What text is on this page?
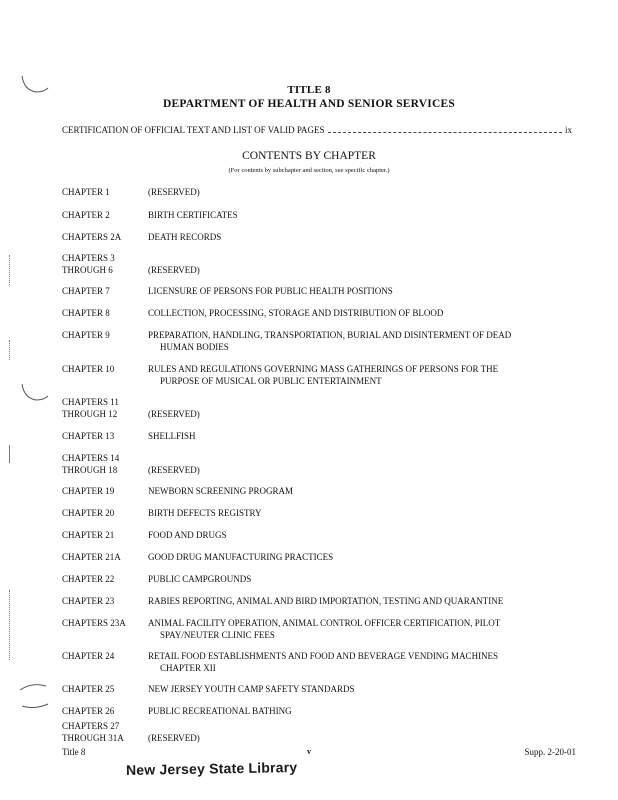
TITLE 8
DEPARTMENT OF HEALTH AND SENIOR SERVICES
CERTIFICATION OF OFFICIAL TEXT AND LIST OF VALID PAGES	ix
CONTENTS BY CHAPTER
(For contents by subchapter and section, see specific chapter.)
CHAPTER 1	(RESERVED)
CHAPTER 2	BIRTH CERTIFICATES
CHAPTERS 2A	DEATH RECORDS
CHAPTERS 3
THROUGH 6	(RESERVED)
CHAPTER 7	LICENSURE OF PERSONS FOR PUBLIC HEALTH POSITIONS
CHAPTER 8	COLLECTION, PROCESSING, STORAGE AND DISTRIBUTION OF BLOOD
CHAPTER 9	PREPARATION, HANDLING, TRANSPORTATION, BURIAL AND DISINTERMENT OF DEAD
HUMAN BODIES
CHAPTER 10	RULES AND REGULATIONS GOVERNING MASS GATHERINGS OF PERSONS FOR THE
PURPOSE OF MUSICAL OR PUBLIC ENTERTAINMENT
CHAPTERS 11
THROUGH 12	(RESERVED)
CHAPTER 13	SHELLFISH
CHAPTERS 14
THROUGH 18	(RESERVED)
CHAPTER 19	NEWBORN SCREENING PROGRAM
CHAPTER 20	BIRTH DEFECTS REGISTRY
CHAPTER 21	FOOD AND DRUGS
CHAPTER 21A	GOOD DRUG MANUFACTURING PRACTICES
CHAPTER 22	PUBLIC CAMPGROUNDS
CHAPTER 23	RABIES REPORTING, ANIMAL AND BIRD IMPORTATION, TESTING AND QUARANTINE
CHAPTERS 23A	ANIMAL FACILITY OPERATION, ANIMAL CONTROL OFFICER CERTIFICATION, PILOT
SPAY/NEUTER CLINIC FEES
CHAPTER 24	RETAIL FOOD ESTABLISHMENTS AND FOOD AND BEVERAGE VENDING MACHINES
CHAPTER XII
CHAPTER 25	NEW JERSEY YOUTH CAMP SAFETY STANDARDS
CHAPTER 26	PUBLIC RECREATIONAL BATHING
CHAPTERS 27
THROUGH 31A	(RESERVED)
Title 8	v	Supp. 2-20-01
New Jersey State Library
